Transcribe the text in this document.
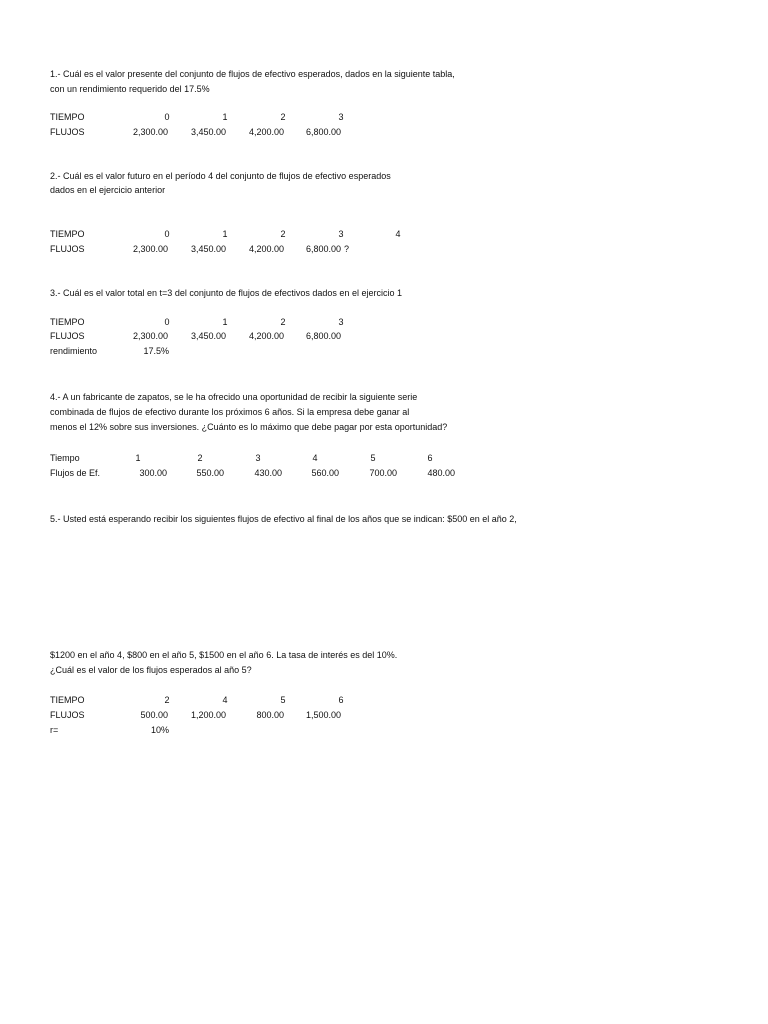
1.- Cuál es el valor presente del conjunto de flujos de efectivo esperados, dados en la siguiente tabla,
con un rendimiento requerido del 17.5%
TIEMPO	0	1	2	3
FLUJOS	2,300.00	3,450.00	4,200.00	6,800.00
2.- Cuál es el valor futuro en el período 4 del conjunto de flujos de efectivo esperados
dados en el ejercicio anterior
TIEMPO	0	1	2	3	4
FLUJOS	2,300.00	3,450.00	4,200.00	6,800.00 ?
3.- Cuál es el valor total en t=3 del conjunto de flujos de efectivos dados en el ejercicio 1
TIEMPO	0	1	2	3
FLUJOS	2,300.00	3,450.00	4,200.00	6,800.00
rendimiento	17.5%
4.- A un fabricante de zapatos, se le ha ofrecido una oportunidad de recibir la siguiente serie
combinada de flujos de efectivo durante los próximos 6 años. Si la empresa debe ganar al
menos el 12% sobre sus inversiones. ¿Cuánto es lo máximo que debe pagar por esta oportunidad?
Tiempo	1	2	3	4	5	6
Flujos de Ef.	300.00	550.00	430.00	560.00	700.00	480.00
5.- Usted está esperando recibir los siguientes flujos de efectivo al final de los años que se indican: $500 en el año 2,
$1200 en el año 4, $800 en el año 5, $1500 en el año 6. La tasa de interés es del 10%.
¿Cuál es el valor de los flujos esperados al año 5?
TIEMPO	2	4	5	6
FLUJOS	500.00	1,200.00	800.00	1,500.00
r=	10%
